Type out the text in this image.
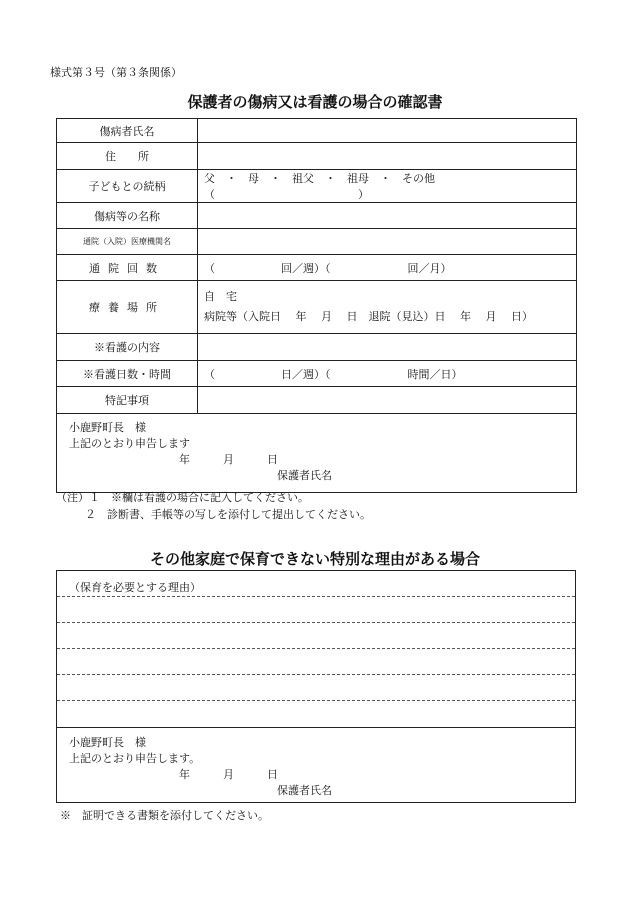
様式第３号（第３条関係）
保護者の傷病又は看護の場合の確認書
傷病者氏名	
住　　所	
子どもとの続柄	父　・　母　・　祖父　・　祖母　・　その他（　　　　　　　　　　　　　）
傷病等の名称	
通院（入院）医療機関名	
通院回数	（　　　　　　回／週）（　　　　　　　回／月）
療養場所	自　宅
病院等（入院日　 年　 月　 日　退院（見込）日　 年　 月　 日）

※看護の内容	
※看護日数・時間	（　　　　　　日／週）（　　　　　　　時間／日）
特記事項	

小鹿野町長　様
上記のとおり申告します
年　　　月　　　日
保護者氏名	
（注）１　※欄は看護の場合に記入してください。
２　診断書、手帳等の写しを添付して提出してください。
その他家庭で保育できない特別な理由がある場合
（保育を必要とする理由）
小鹿野町長　様
上記のとおり申告します。
年　　　月　　　日
保護者氏名
※　証明できる書類を添付してください。
